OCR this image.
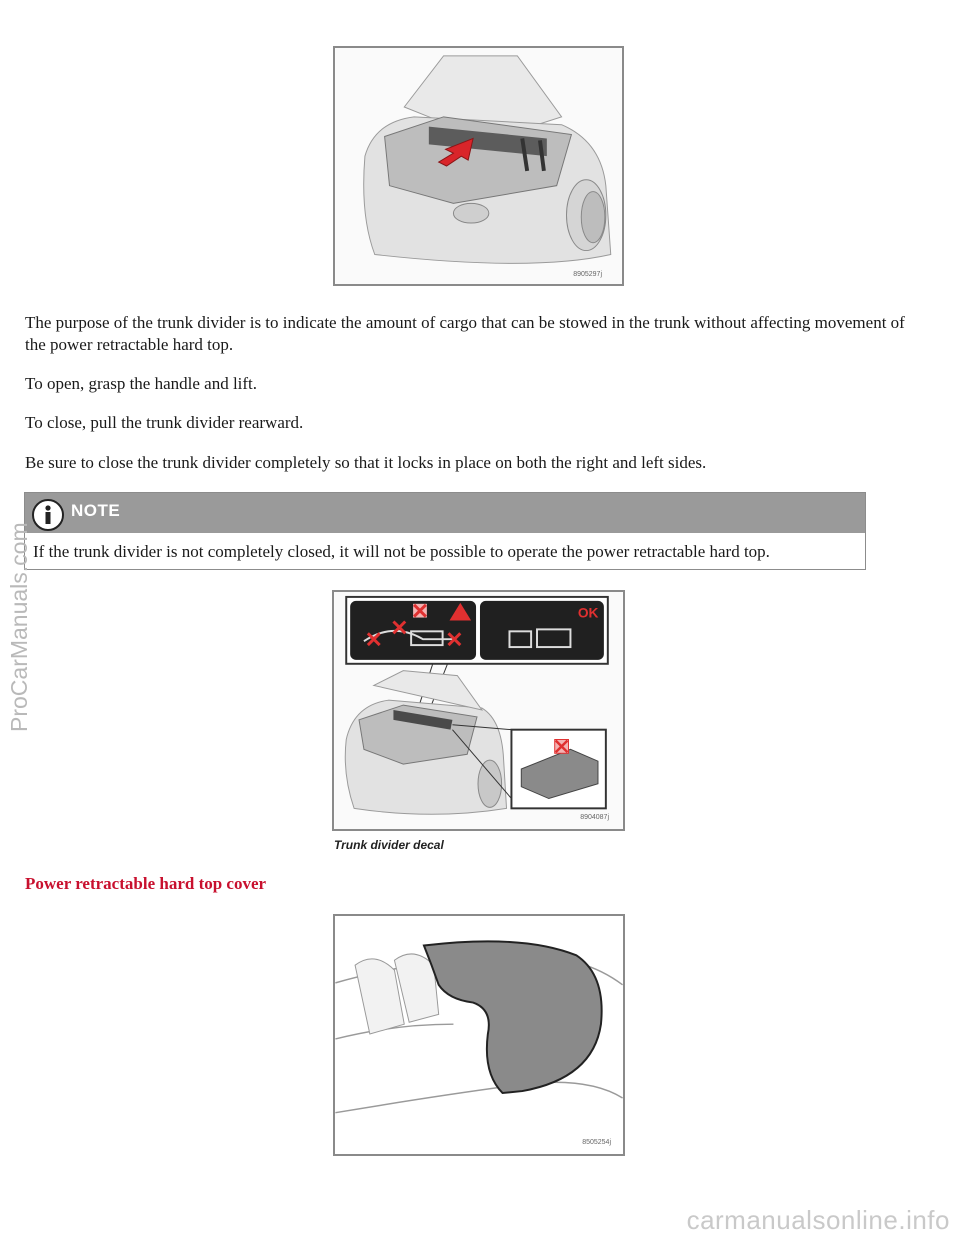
8905297j

The purpose of the trunk divider is to indicate the amount of cargo that can be stowed in the trunk without affecting movement of the power retractable hard top.

To open, grasp the handle and lift.

To close, pull the trunk divider rearward.

Be sure to close the trunk divider completely so that it locks in place on both the right and left sides.

NOTE
If the trunk divider is not completely closed, it will not be possible to operate the power retractable hard top.
OK
8904087j
Trunk divider decal
Power retractable hard top cover
8505254j
ProCarManuals.com
carmanualsonline.info
